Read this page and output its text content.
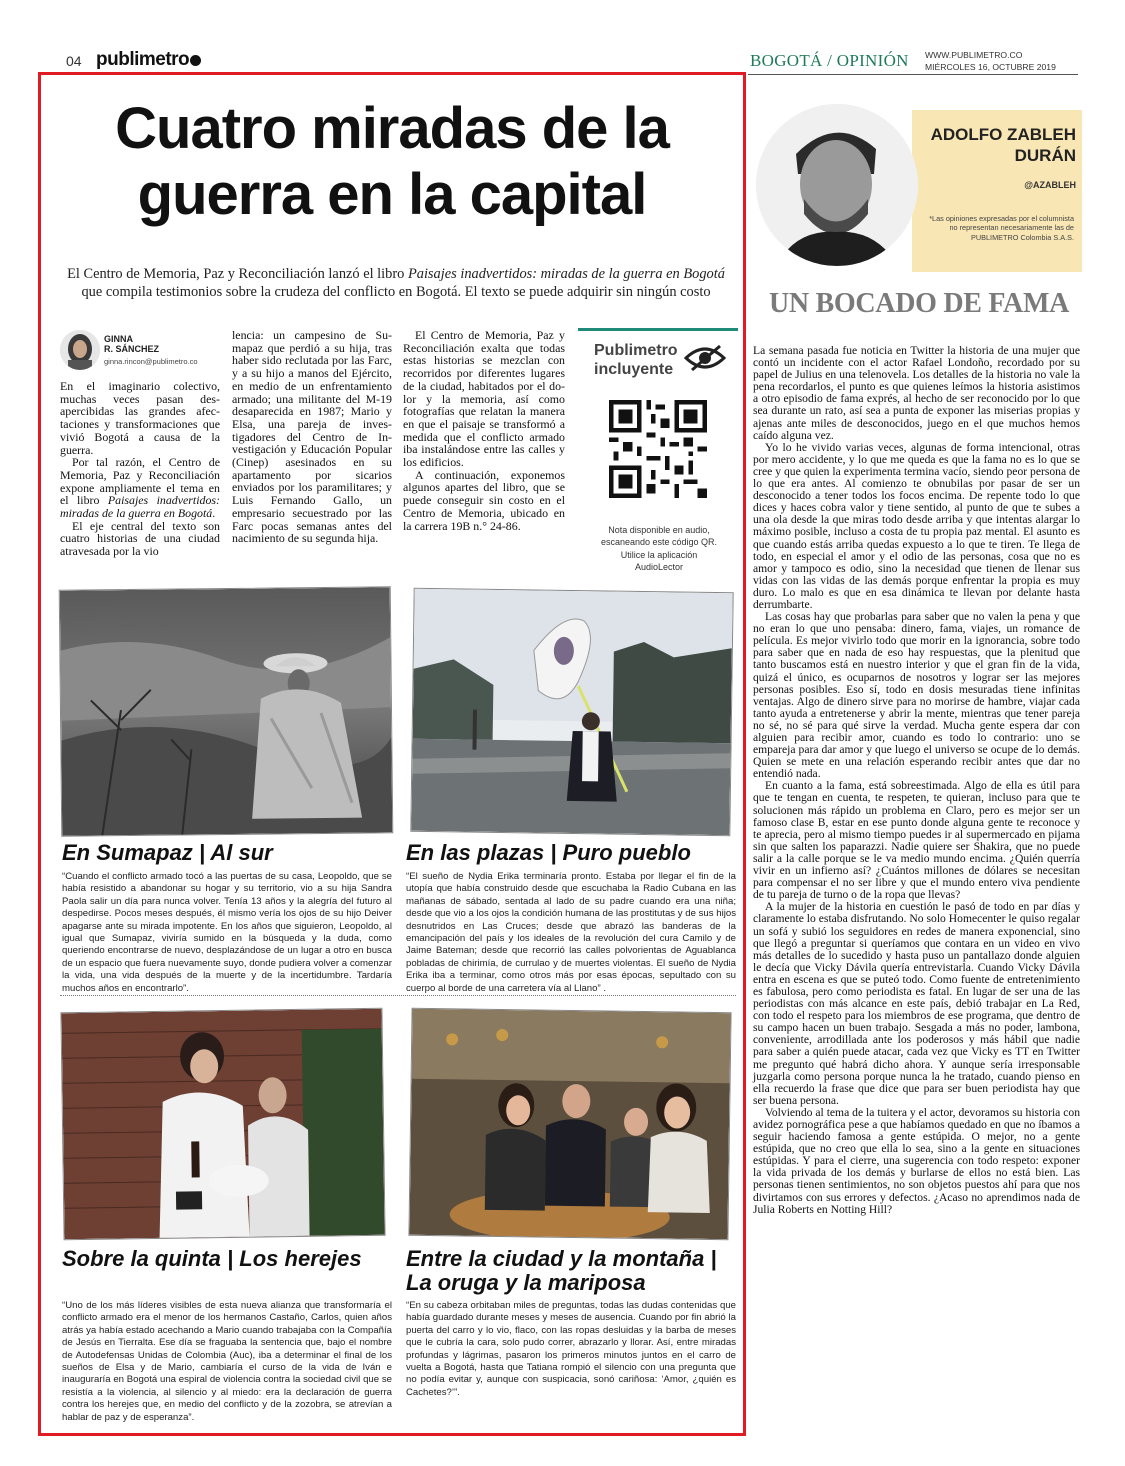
04 publimetro	BOGOTÁ / OPINIÓN WWW.PUBLIMETRO.CO
MIÉRCOLES 16, OCTUBRE 2019
Cuatro miradas de la
guerra en la capital
El Centro de Memoria, Paz y Reconciliación lanzó el libro Paisajes inadvertidos: miradas de la guerra en Bogotá que compila testimonios sobre la crudeza del conflicto en Bogotá. El texto se puede adquirir sin ningún costo
GINNA
R. SÁNCHEZ
ginna.rincon@publimetro.co

En el imaginario colectivo, muchas veces pasan desapercibidas las grandes afectaciones y transformaciones que vivió Bogotá a causa de la guerra.

Por tal razón, el Centro de Memoria, Paz y Reconciliación expone ampliamente el tema en el libro Paisajes inadvertidos: miradas de la guerra en Bogotá.

El eje central del texto son cuatro historias de una ciudad atravesada por la vio

lencia: un campesino de Sumapaz que perdió a su hija, tras haber sido reclutada por las Farc, y a su hijo a manos del Ejército, en medio de un enfrentamiento armado; una militante del M-19 desaparecida en 1987; Mario y Elsa, una pareja de investigadores del Centro de Investigación y Educación Popular (Cinep) asesinados en su apartamento por sicarios enviados por los paramilitares; y Luis Fernando Gallo, un empresario secuestrado por las Farc pocas semanas antes del nacimiento de su segunda hija.

El Centro de Memoria, Paz y Reconciliación exalta que todas estas historias se mezclan con recorridos por diferentes lugares de la ciudad, habitados por el dolor y la memoria, así como fotografías que relatan la manera en que el paisaje se transformó a medida que el conflicto armado iba instalándose entre las calles y los edificios.

A continuación, exponemos algunos apartes del libro, que se puede conseguir sin costo en el Centro de Memoria, ubicado en la carrera 19B n.° 24-86.

Publimetro
incluyente
Nota disponible en audio, escaneando este código QR. Utilice la aplicación AudioLector
En Sumapaz | Al sur
“Cuando el conflicto armado tocó a las puertas de su casa, Leopoldo, que se había resistido a abandonar su hogar y su territorio, vio a su hija Sandra Paola salir un día para nunca volver. Tenía 13 años y la alegría del futuro al despedirse. Pocos meses después, él mismo vería los ojos de su hijo Deiver apagarse ante su mirada impotente. En los años que siguieron, Leopoldo, al igual que Sumapaz, viviría sumido en la búsqueda y la duda, como queriendo encontrarse de nuevo, desplazándose de un lugar a otro en busca de un espacio que fuera nuevamente suyo, donde pudiera volver a comenzar la vida, una vida después de la muerte y de la incertidumbre. Tardaría muchos años en encontrarlo”.
En las plazas | Puro pueblo
“El sueño de Nydia Erika terminaría pronto. Estaba por llegar el fin de la utopía que había construido desde que escuchaba la Radio Cubana en las mañanas de sábado, sentada al lado de su padre cuando era una niña; desde que vio a los ojos la condición humana de las prostitutas y de sus hijos desnutridos en Las Cruces; desde que abrazó las banderas de la emancipación del país y los ideales de la revolución del cura Camilo y de Jaime Bateman; desde que recorrió las calles polvorientas de Aguablanca pobladas de chirimía, de currulao y de muertes violentas. El sueño de Nydia Erika iba a terminar, como otros más por esas épocas, sepultado con su cuerpo al borde de una carretera vía al Llano” .
Sobre la quinta | Los herejes
“Uno de los más líderes visibles de esta nueva alianza que transformaría el conflicto armado era el menor de los hermanos Castaño, Carlos, quien años atrás ya había estado acechando a Mario cuando trabajaba con la Compañía de Jesús en Tierralta. Ese día se fraguaba la sentencia que, bajo el nombre de Autodefensas Unidas de Colombia (Auc), iba a determinar el final de los sueños de Elsa y de Mario, cambiaría el curso de la vida de Iván e inauguraría en Bogotá una espiral de violencia contra la sociedad civil que se resistía a la violencia, al silencio y al miedo: era la declaración de guerra contra los herejes que, en medio del conflicto y de la zozobra, se atrevían a hablar de paz y de esperanza”.
Entre la ciudad y la montaña | La oruga y la mariposa
“En su cabeza orbitaban miles de preguntas, todas las dudas contenidas que había guardado durante meses y meses de ausencia. Cuando por fin abrió la puerta del carro y lo vio, flaco, con las ropas desluidas y la barba de meses que le cubría la cara, solo pudo correr, abrazarlo y llorar. Así, entre miradas profundas y lágrimas, pasaron los primeros minutos juntos en el carro de vuelta a Bogotá, hasta que Tatiana rompió el silencio con una pregunta que no podía evitar y, aunque con suspicacia, sonó cariñosa: ‘Amor, ¿quién es Cachetes?’”.
ADOLFO ZABLEH
DURÁN
@AZABLEH
*Las opiniones expresadas por el columnista no representan necesariamente las de PUBLIMETRO Colombia S.A.S.
UN BOCADO DE FAMA

La semana pasada fue noticia en Twitter la historia de una mujer que contó un incidente con el actor Rafael Londoño, recordado por su papel de Julius en una telenovela. Los detalles de la historia no vale la pena recordarlos, el punto es que quienes leímos la historia asistimos a otro episodio de fama exprés, al hecho de ser reconocido por lo que sea durante un rato, así sea a punta de exponer las miserias propias y ajenas ante miles de desconocidos, juego en el que muchos hemos caído alguna vez.

Yo lo he vivido varias veces, algunas de forma intencional, otras por mero accidente, y lo que me queda es que la fama no es lo que se cree y que quien la experimenta termina vacío, siendo peor persona de lo que era antes. Al comienzo te obnubilas por pasar de ser un desconocido a tener todos los focos encima. De repente todo lo que dices y haces cobra valor y tiene sentido, al punto de que te subes a una ola desde la que miras todo desde arriba y que intentas alargar lo máximo posible, incluso a costa de tu propia paz mental. El asunto es que cuando estás arriba quedas expuesto a lo que te tiren. Te llega de todo, en especial el amor y el odio de las personas, cosa que no es amor y tampoco es odio, sino la necesidad que tienen de llenar sus vidas con las vidas de las demás porque enfrentar la propia es muy duro. Lo malo es que en esa dinámica te llevan por delante hasta derrumbarte.

Las cosas hay que probarlas para saber que no valen la pena y que no eran lo que uno pensaba: dinero, fama, viajes, un romance de película. Es mejor vivirlo todo que morir en la ignorancia, sobre todo para saber que en nada de eso hay respuestas, que la plenitud que tanto buscamos está en nuestro interior y que el gran fin de la vida, quizá el único, es ocuparnos de nosotros y lograr ser las mejores personas posibles. Eso sí, todo en dosis mesuradas tiene infinitas ventajas. Algo de dinero sirve para no morirse de hambre, viajar cada tanto ayuda a entretenerse y abrir la mente, mientras que tener pareja no sé, no sé para qué sirve la verdad. Mucha gente espera dar con alguien para recibir amor, cuando es todo lo contrario: uno se empareja para dar amor y que luego el universo se ocupe de lo demás. Quien se mete en una relación esperando recibir antes que dar no entendió nada.

En cuanto a la fama, está sobreestimada. Algo de ella es útil para que te tengan en cuenta, te respeten, te quieran, incluso para que te solucionen más rápido un problema en Claro, pero es mejor ser un famoso clase B, estar en ese punto donde alguna gente te reconoce y te aprecia, pero al mismo tiempo puedes ir al supermercado en pijama sin que salten los paparazzi. Nadie quiere ser Shakira, que no puede salir a la calle porque se le va medio mundo encima. ¿Quién querría vivir en un infierno así? ¿Cuántos millones de dólares se necesitan para compensar el no ser libre y que el mundo entero viva pendiente de tu pareja de turno o de la ropa que llevas?

A la mujer de la historia en cuestión le pasó de todo en par días y claramente lo estaba disfrutando. No solo Homecenter le quiso regalar un sofá y subió los seguidores en redes de manera exponencial, sino que llegó a preguntar si queríamos que contara en un video en vivo más detalles de lo sucedido y hasta puso un pantallazo donde alguien le decía que Vicky Dávila quería entrevistarla. Cuando Vicky Dávila entra en escena es que se puteó todo. Como fuente de entretenimiento es fabulosa, pero como periodista es fatal. En lugar de ser una de las periodistas con más alcance en este país, debió trabajar en La Red, con todo el respeto para los miembros de ese programa, que dentro de su campo hacen un buen trabajo. Sesgada a más no poder, lambona, conveniente, arrodillada ante los poderosos y más hábil que nadie para saber a quién puede atacar, cada vez que Vicky es TT en Twitter me pregunto qué habrá dicho ahora. Y aunque sería irresponsable juzgarla como persona porque nunca la he tratado, cuando pienso en ella recuerdo la frase que dice que para ser buen periodista hay que ser buena persona.

Volviendo al tema de la tuitera y el actor, devoramos su historia con avidez pornográfica pese a que habíamos quedado en que no íbamos a seguir haciendo famosa a gente estúpida. O mejor, no a gente estúpida, que no creo que ella lo sea, sino a la gente en situaciones estúpidas. Y para el cierre, una sugerencia con todo respeto: exponer la vida privada de los demás y burlarse de ellos no está bien. Las personas tienen sentimientos, no son objetos puestos ahí para que nos divirtamos con sus errores y defectos. ¿Acaso no aprendimos nada de Julia Roberts en Notting Hill?
